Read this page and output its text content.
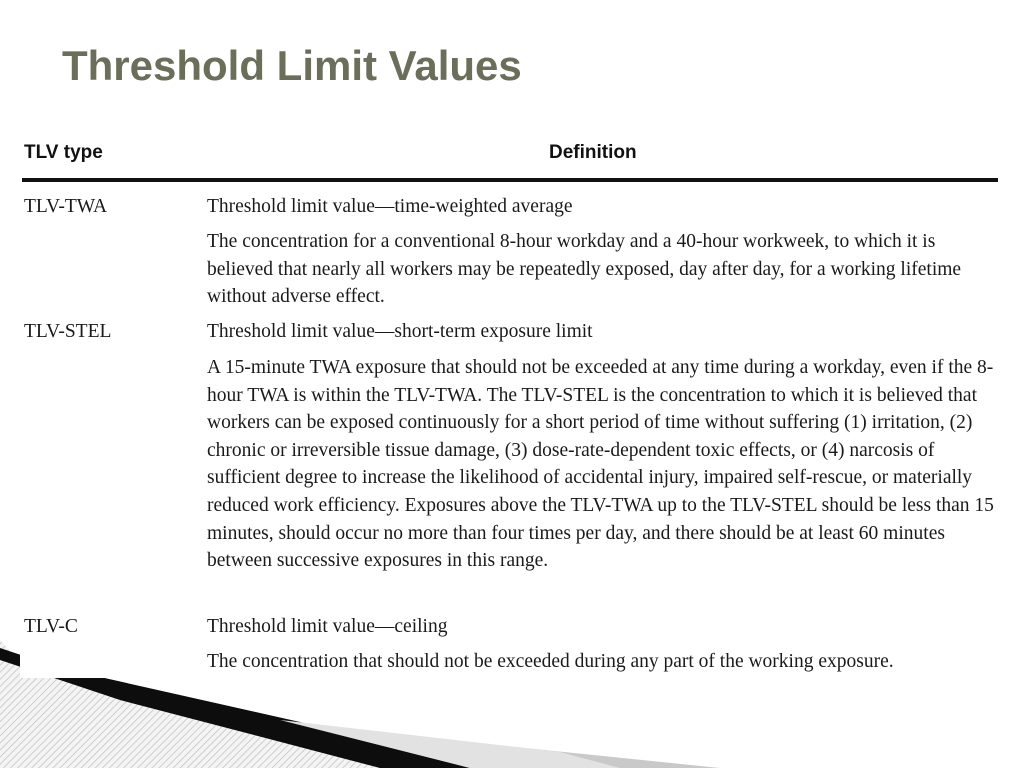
Threshold Limit Values
TLV type	Definition
TLV-TWA	Threshold limit value—time-weighted average
The concentration for a conventional 8-hour workday and a 40-hour workweek, to which it is believed that nearly all workers may be repeatedly exposed, day after day, for a working lifetime without adverse effect.
TLV-STEL	Threshold limit value—short-term exposure limit
A 15-minute TWA exposure that should not be exceeded at any time during a workday, even if the 8-hour TWA is within the TLV-TWA. The TLV-STEL is the concentration to which it is believed that workers can be exposed continuously for a short period of time without suffering (1) irritation, (2) chronic or irreversible tissue damage, (3) dose-rate-dependent toxic effects, or (4) narcosis of sufficient degree to increase the likelihood of accidental injury, impaired self-rescue, or materially reduced work efficiency. Exposures above the TLV-TWA up to the TLV-STEL should be less than 15 minutes, should occur no more than four times per day, and there should be at least 60 minutes between successive exposures in this range.
TLV-C	Threshold limit value—ceiling
The concentration that should not be exceeded during any part of the working exposure.
